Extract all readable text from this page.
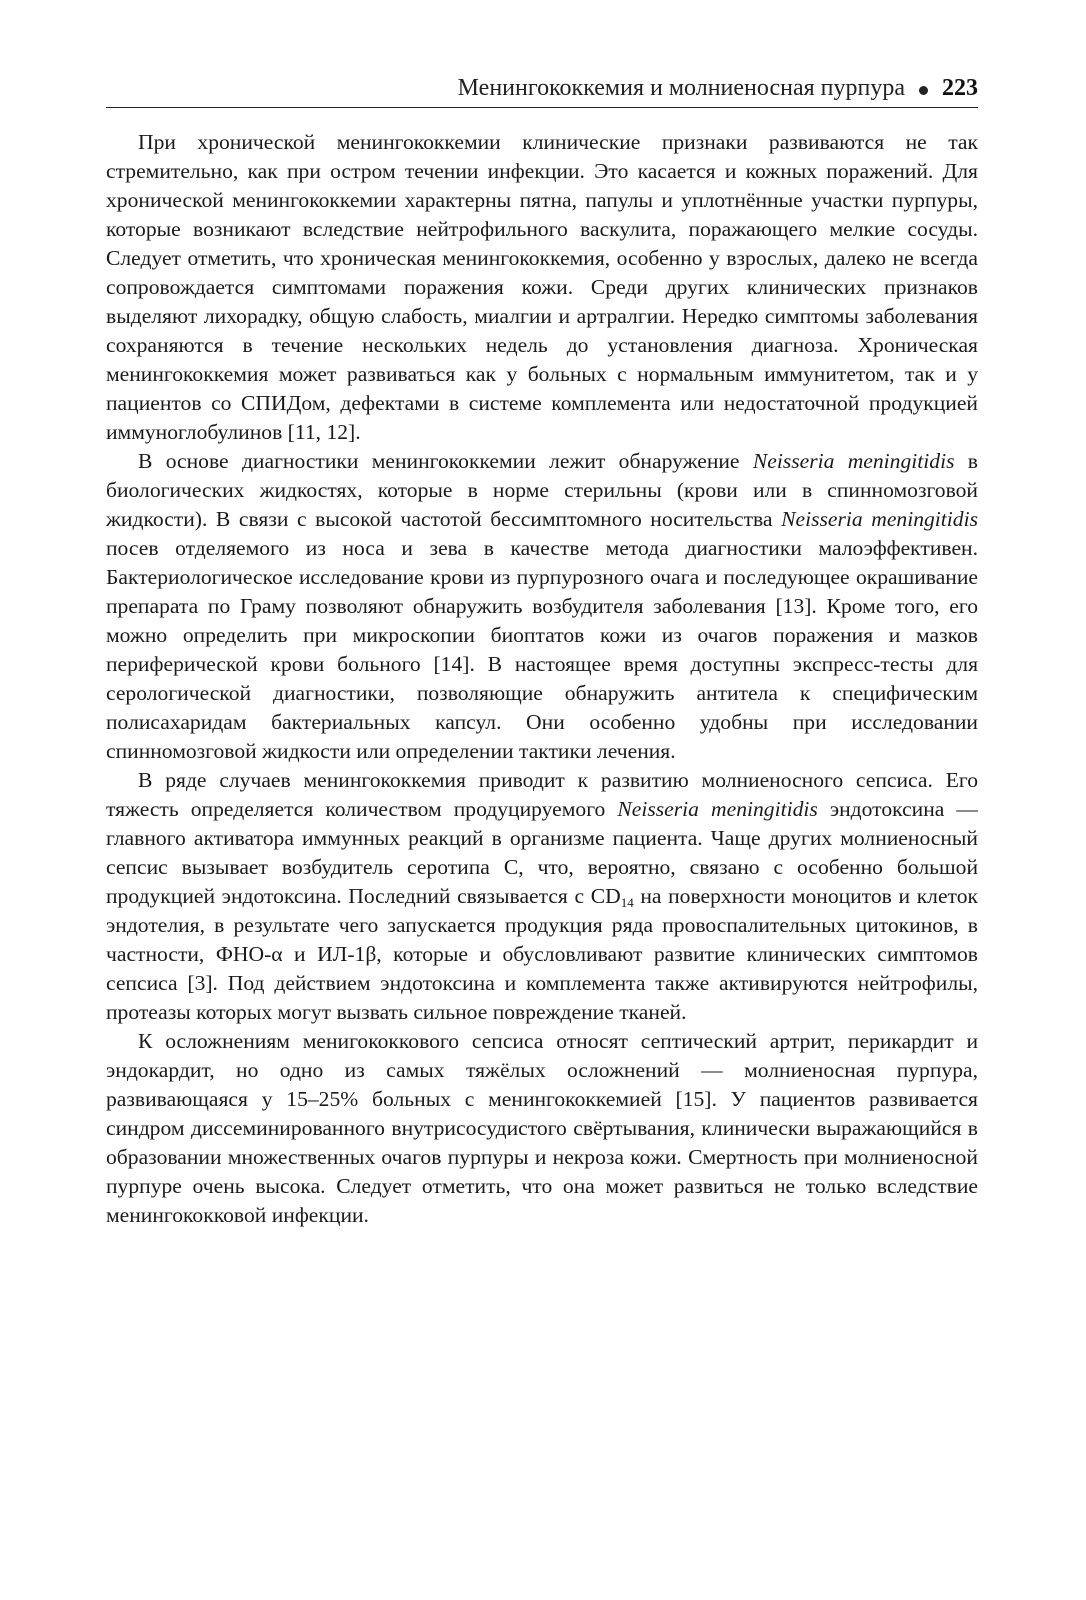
Менингококкемия и молниеносная пурпура 223

При хронической менингококкемии клинические признаки развиваются не так стремительно, как при остром течении инфекции. Это касается и кожных поражений. Для хронической менингококкемии характерны пятна, папулы и уплотнённые участки пурпуры, которые возникают вследствие нейтрофильного васкулита, поражающего мелкие сосуды. Следует отметить, что хроническая менингококкемия, особенно у взрослых, далеко не всегда сопровождается симптомами поражения кожи. Среди других клинических признаков выделяют лихорадку, общую слабость, миалгии и артралгии. Нередко симптомы заболевания сохраняются в течение нескольких недель до установления диагноза. Хроническая менингококкемия может развиваться как у больных с нормальным иммунитетом, так и у пациентов со СПИДом, дефектами в системе комплемента или недостаточной продукцией иммуноглобулинов [11, 12].

В основе диагностики менингококкемии лежит обнаружение Neisseria meningitidis в биологических жидкостях, которые в норме стерильны (крови или в спинномозговой жидкости). В связи с высокой частотой бессимптомного носительства Neisseria meningitidis посев отделяемого из носа и зева в качестве метода диагностики малоэффективен. Бактериологическое исследование крови из пурпурозного очага и последующее окрашивание препарата по Граму позволяют обнаружить возбудителя заболевания [13]. Кроме того, его можно определить при микроскопии биоптатов кожи из очагов поражения и мазков периферической крови больного [14]. В настоящее время доступны экспресс-тесты для серологической диагностики, позволяющие обнаружить антитела к специфическим полисахаридам бактериальных капсул. Они особенно удобны при исследовании спинномозговой жидкости или определении тактики лечения.

В ряде случаев менингококкемия приводит к развитию молниеносного сепсиса. Его тяжесть определяется количеством продуцируемого Neisseria meningitidis эндотоксина — главного активатора иммунных реакций в организме пациента. Чаще других молниеносный сепсис вызывает возбудитель серотипа С, что, вероятно, связано с особенно большой продукцией эндотоксина. Последний связывается с $CD_{14}$ на поверхности моноцитов и клеток эндотелия, в результате чего запускается продукция ряда провоспалительных цитокинов, в частности, ФНО-α и ИЛ-1β, которые и обусловливают развитие клинических симптомов сепсиса [3]. Под действием эндотоксина и комплемента также активируются нейтрофилы, протеазы которых могут вызвать сильное повреждение тканей.

К осложнениям менигококкового сепсиса относят септический артрит, перикардит и эндокардит, но одно из самых тяжёлых осложнений — молниеносная пурпура, развивающаяся у 15–25% больных с менингококкемией [15]. У пациентов развивается синдром диссеминированного внутрисосудистого свёртывания, клинически выражающийся в образовании множественных очагов пурпуры и некроза кожи. Смертность при молниеносной пурпуре очень высока. Следует отметить, что она может развиться не только вследствие менингококковой инфекции.
